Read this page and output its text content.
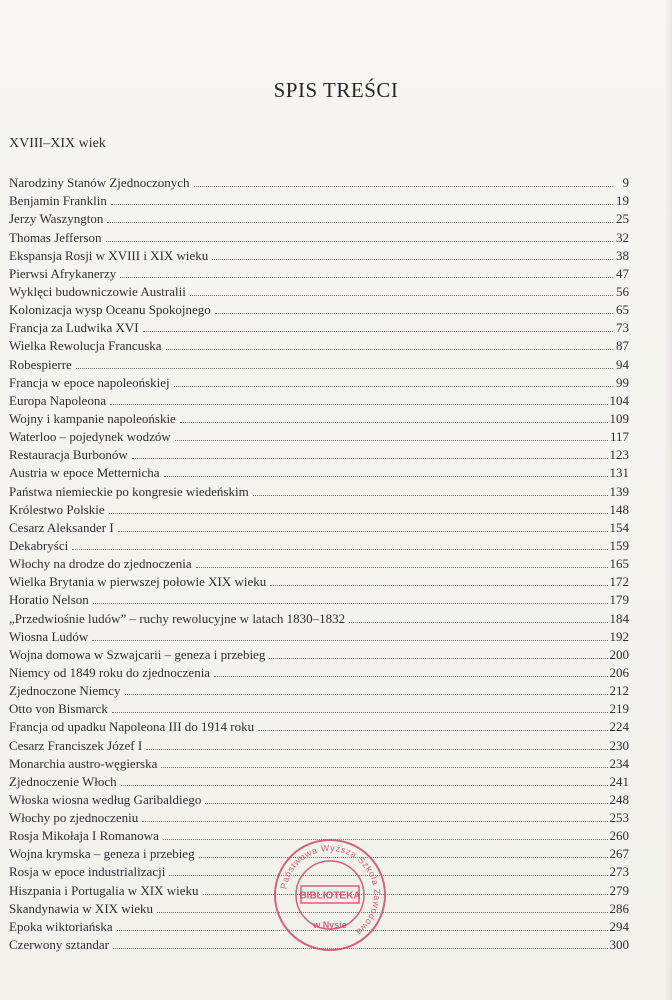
SPIS TREŚCI
XVIII–XIX wiek
Narodziny Stanów Zjednoczonych	9
Benjamin Franklin	19
Jerzy Waszyngton	25
Thomas Jefferson	32
Ekspansja Rosji w XVIII i XIX wieku	38
Pierwsi Afrykanerzy	47
Wyklęci budowniczowie Australii	56
Kolonizacja wysp Oceanu Spokojnego	65
Francja za Ludwika XVI	73
Wielka Rewolucja Francuska	87
Robespierre	94
Francja w epoce napoleońskiej	99
Europa Napoleona	104
Wojny i kampanie napoleońskie	109
Waterloo – pojedynek wodzów	117
Restauracja Burbonów	123
Austria w epoce Metternicha	131
Państwa niemieckie po kongresie wiedeńskim	139
Królestwo Polskie	148
Cesarz Aleksander I	154
Dekabryści	159
Włochy na drodze do zjednoczenia	165
Wielka Brytania w pierwszej połowie XIX wieku	172
Horatio Nelson	179
„Przedwiośnie ludów” – ruchy rewolucyjne w latach 1830–1832	184
Wiosna Ludów	192
Wojna domowa w Szwajcarii – geneza i przebieg	200
Niemcy od 1849 roku do zjednoczenia	206
Zjednoczone Niemcy	212
Otto von Bismarck	219
Francja od upadku Napoleona III do 1914 roku	224
Cesarz Franciszek Józef I	230
Monarchia austro-węgierska	234
Zjednoczenie Włoch	241
Włoska wiosna według Garibaldiego	248
Włochy po zjednoczeniu	253
Rosja Mikołaja I Romanowa	260
Wojna krymska – geneza i przebieg	267
Rosja w epoce industrializacji	273
Hiszpania i Portugalia w XIX wieku	279
Skandynawia w XIX wieku	286
Epoka wiktoriańska	294
Czerwony sztandar	300
Państwowa Wyższa Szkoła Zawodowa
BIBLIOTEKA
w Nysie
